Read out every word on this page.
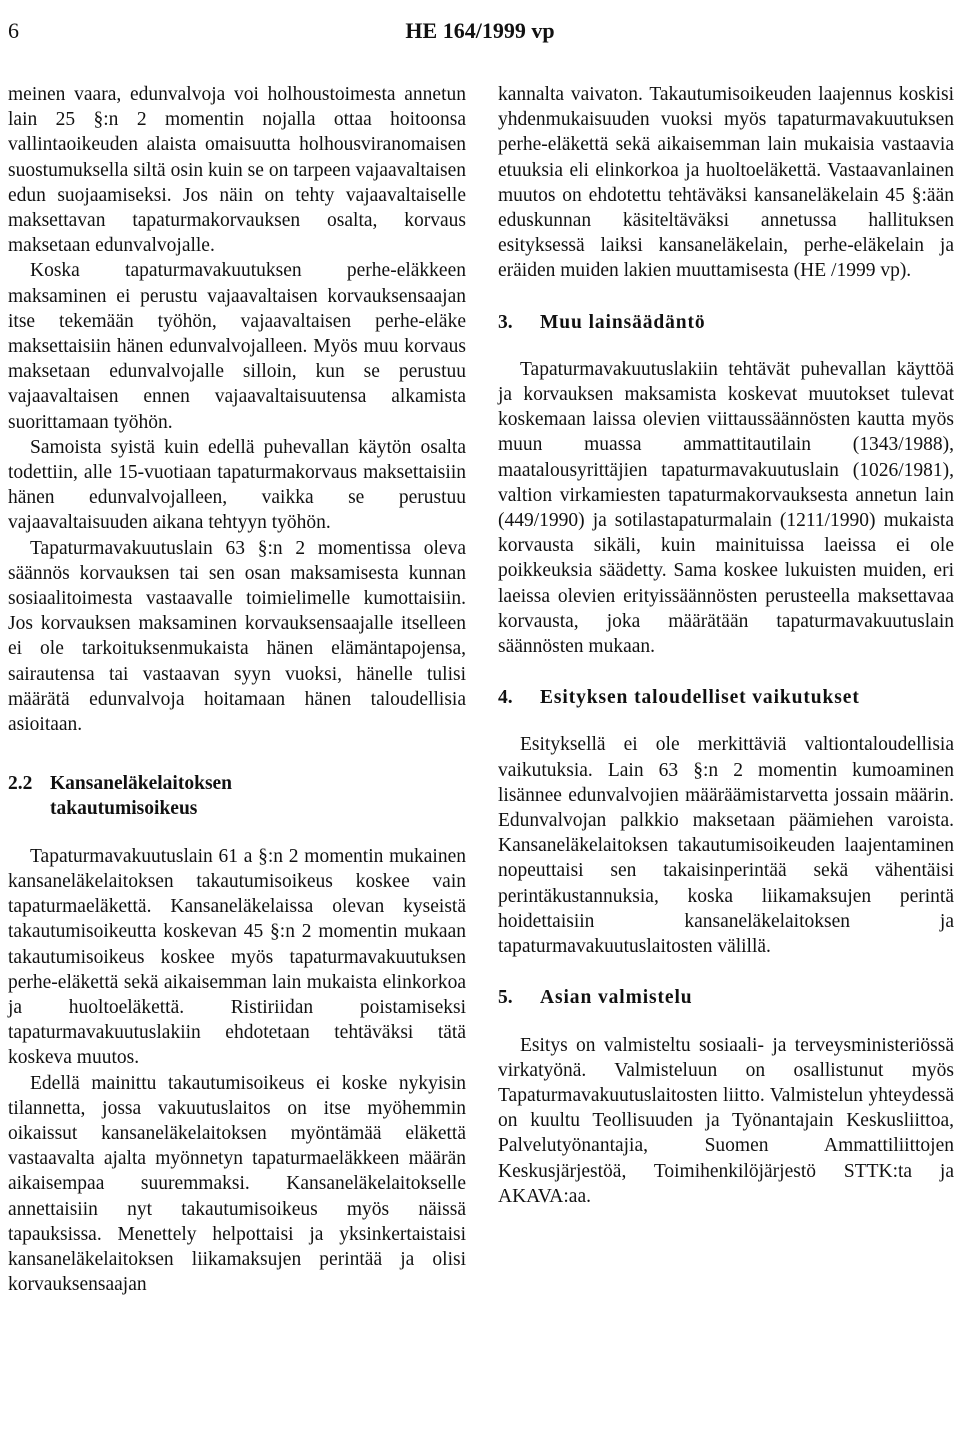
6	HE 164/1999 vp

meinen vaara, edunvalvoja voi holhoustoimesta annetun lain 25 §:n 2 momentin nojalla ottaa hoitoonsa vallintaoikeuden alaista omaisuutta holhousviranomaisen suostumuksella siltä osin kuin se on tarpeen vajaavaltaisen edun suojaamiseksi. Jos näin on tehty vajaavaltaiselle maksettavan tapaturmakorvauksen osalta, korvaus maksetaan edunvalvojalle.

Koska tapaturmavakuutuksen perhe-eläkkeen maksaminen ei perustu vajaavaltaisen korvauksensaajan itse tekemään työhön, vajaavaltaisen perhe-eläke maksettaisiin hänen edunvalvojalleen. Myös muu korvaus maksetaan edunvalvojalle silloin, kun se perustuu vajaavaltaisen ennen vajaavaltaisuutensa alkamista suorittamaan työhön.

Samoista syistä kuin edellä puhevallan käytön osalta todettiin, alle 15-vuotiaan tapaturmakorvaus maksettaisiin hänen edunvalvojalleen, vaikka se perustuu vajaavaltaisuuden aikana tehtyyn työhön.

Tapaturmavakuutuslain 63 §:n 2 momentissa oleva säännös korvauksen tai sen osan maksamisesta kunnan sosiaalitoimesta vastaavalle toimielimelle kumottaisiin. Jos korvauksen maksaminen korvauksensaajalle itselleen ei ole tarkoituksenmukaista hänen elämäntapojensa, sairautensa tai vastaavan syyn vuoksi, hänelle tulisi määrätä edunvalvoja hoitamaan hänen taloudellisia asioitaan.

2.2 Kansaneläkelaitoksen takautumisoikeus

Tapaturmavakuutuslain 61 a §:n 2 momentin mukainen kansaneläkelaitoksen takautumisoikeus koskee vain tapaturmaeläkettä. Kansaneläkelaissa olevan kyseistä takautumisoikeutta koskevan 45 §:n 2 momentin mukaan takautumisoikeus koskee myös tapaturmavakuutuksen perhe-eläkettä sekä aikaisemman lain mukaista elinkorkoa ja huoltoeläkettä. Ristiriidan poistamiseksi tapaturmavakuutuslakiin ehdotetaan tehtäväksi tätä koskeva muutos.

Edellä mainittu takautumisoikeus ei koske nykyisin tilannetta, jossa vakuutuslaitos on itse myöhemmin oikaissut kansaneläkelaitoksen myöntämää eläkettä vastaavalta ajalta myönnetyn tapaturmaeläkkeen määrän aikaisempaa suuremmaksi. Kansaneläkelaitokselle annettaisiin nyt takautumisoikeus myös näissä tapauksissa. Menettely helpottaisi ja yksinkertaistaisi kansaneläkelaitoksen liikamaksujen perintää ja olisi korvauksensaajan

kannalta vaivaton. Takautumisoikeuden laajennus koskisi yhdenmukaisuuden vuoksi myös tapaturmavakuutuksen perhe-eläkettä sekä aikaisemman lain mukaisia vastaavia etuuksia eli elinkorkoa ja huoltoeläkettä. Vastaavanlainen muutos on ehdotettu tehtäväksi kansaneläkelain 45 §:ään eduskunnan käsiteltäväksi annetussa hallituksen esityksessä laiksi kansaneläkelain, perhe-eläkelain ja eräiden muiden lakien muuttamisesta (HE /1999 vp).

3.	Muu lainsäädäntö

Tapaturmavakuutuslakiin tehtävät puhevallan käyttöä ja korvauksen maksamista koskevat muutokset tulevat koskemaan laissa olevien viittaussäännösten kautta myös muun muassa ammattitautilain (1343/1988), maatalousyrittäjien tapaturmavakuutuslain (1026/1981), valtion virkamiesten tapaturmakorvauksesta annetun lain (449/1990) ja sotilastapaturmalain (1211/1990) mukaista korvausta sikäli, kuin mainituissa laeissa ei ole poikkeuksia säädetty. Sama koskee lukuisten muiden, eri laeissa olevien erityissäännösten perusteella maksettavaa korvausta, joka määrätään tapaturmavakuutuslain säännösten mukaan.

4.	Esityksen taloudelliset vaikutukset

Esityksellä ei ole merkittäviä valtiontaloudellisia vaikutuksia. Lain 63 §:n 2 momentin kumoaminen lisännee edunvalvojien määräämistarvetta jossain määrin. Edunvalvojan palkkio maksetaan päämiehen varoista. Kansaneläkelaitoksen takautumisoikeuden laajentaminen nopeuttaisi sen takaisinperintää sekä vähentäisi perintäkustannuksia, koska liikamaksujen perintä hoidettaisiin kansaneläkelaitoksen ja tapaturmavakuutuslaitosten välillä.

5.	Asian valmistelu

Esitys on valmisteltu sosiaali- ja terveysministeriössä virkatyönä. Valmisteluun on osallistunut myös Tapaturmavakuutuslaitosten liitto. Valmistelun yhteydessä on kuultu Teollisuuden ja Työnantajain Keskusliittoa, Palvelutyönantajia, Suomen Ammattiliittojen Keskusjärjestöä, Toimihenkilöjärjestö STTK:ta ja AKAVA:aa.
